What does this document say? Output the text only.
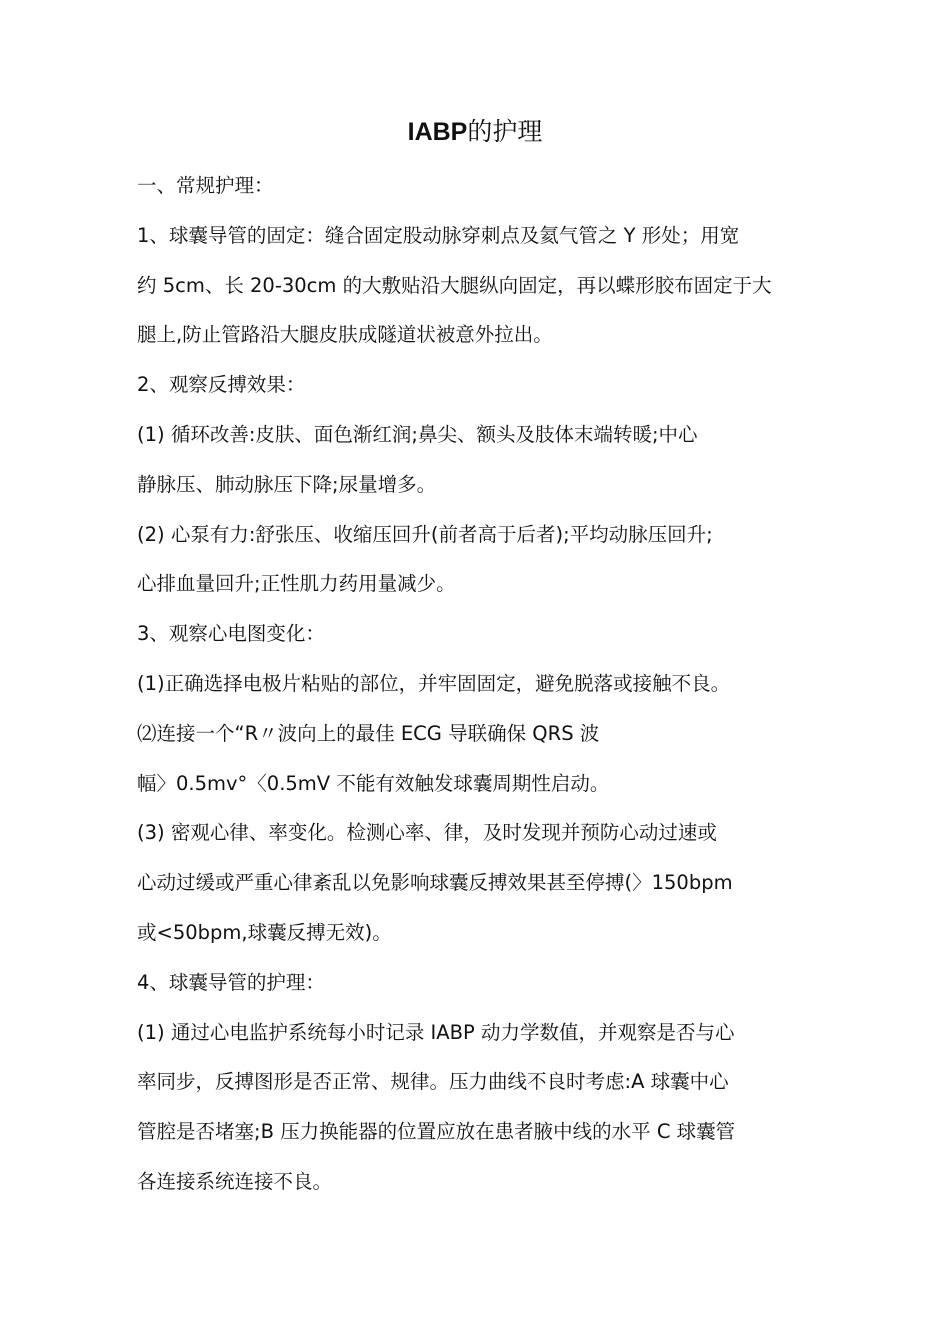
IABP的护理
一、常规护理：
1、球囊导管的固定：缝合固定股动脉穿刺点及氦气管之 Y 形处；用宽
约 5cm、长 20-30cm 的大敷贴沿大腿纵向固定，再以蝶形胶布固定于大
腿上,防止管路沿大腿皮肤成隧道状被意外拉出。
2、观察反搏效果：
(1) 循环改善:皮肤、面色渐红润;鼻尖、额头及肢体末端转暖;中心
静脉压、肺动脉压下降;尿量增多。
(2) 心泵有力:舒张压、收缩压回升(前者高于后者);平均动脉压回升;
心排血量回升;正性肌力药用量减少。
3、观察心电图变化：
(1)正确选择电极片粘贴的部位，并牢固固定，避免脱落或接触不良。
⑵连接一个“R〃波向上的最佳 ECG 导联确保 QRS 波
幅〉0.5mv°〈0.5mV 不能有效触发球囊周期性启动。
(3) 密观心律、率变化。检测心率、律，及时发现并预防心动过速或
心动过缓或严重心律紊乱以免影响球囊反搏效果甚至停搏(〉150bpm
或<50bpm,球囊反搏无效)。
4、球囊导管的护理：
(1) 通过心电监护系统每小时记录 IABP 动力学数值，并观察是否与心
率同步，反搏图形是否正常、规律。压力曲线不良时考虑:A 球囊中心
管腔是否堵塞;B 压力换能器的位置应放在患者腋中线的水平 C 球囊管
各连接系统连接不良。
